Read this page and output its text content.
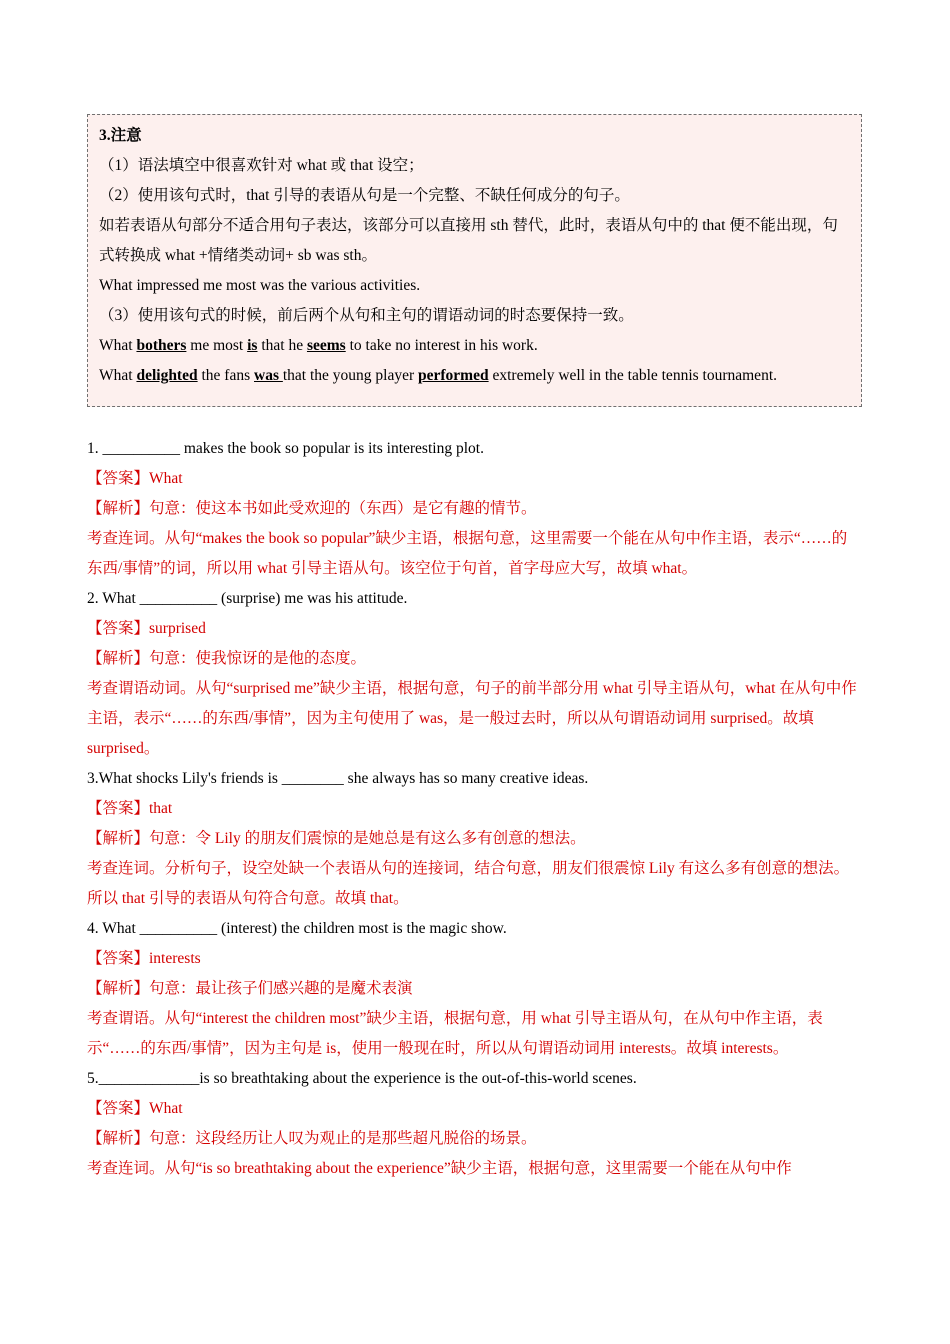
3.注意
（1）语法填空中很喜欢针对 what 或 that 设空；
（2）使用该句式时，that 引导的表语从句是一个完整、不缺任何成分的句子。
如若表语从句部分不适合用句子表达，该部分可以直接用 sth 替代，此时，表语从句中的 that 便不能出现，句式转换成 what +情绪类动词+ sb was sth。
What impressed me most was the various activities.
（3）使用该句式的时候，前后两个从句和主句的谓语动词的时态要保持一致。
What bothers me most is that he seems to take no interest in his work.
What delighted the fans was that the young player performed extremely well in the table tennis tournament.
1. __________ makes the book so popular is its interesting plot.
【答案】What
【解析】句意：使这本书如此受欢迎的（东西）是它有趣的情节。
考查连词。从句“makes the book so popular”缺少主语，根据句意，这里需要一个能在从句中作主语，表示“……的东西/事情”的词，所以用 what 引导主语从句。该空位于句首，首字母应大写，故填 what。
2. What __________ (surprise) me was his attitude.
【答案】surprised
【解析】句意：使我惊讶的是他的态度。
考查谓语动词。从句“surprised me”缺少主语，根据句意，句子的前半部分用 what 引导主语从句，what 在从句中作主语，表示“……的东西/事情”，因为主句使用了 was，是一般过去时，所以从句谓语动词用 surprised。故填 surprised。
3.What shocks Lily's friends is ________ she always has so many creative ideas.
【答案】that
【解析】句意：令 Lily 的朋友们震惊的是她总是有这么多有创意的想法。
考查连词。分析句子，设空处缺一个表语从句的连接词，结合句意，朋友们很震惊 Lily 有这么多有创意的想法。所以 that 引导的表语从句符合句意。故填 that。
4. What __________ (interest) the children most is the magic show.
【答案】interests
【解析】句意：最让孩子们感兴趣的是魔术表演
考查谓语。从句“interest the children most”缺少主语，根据句意，用 what 引导主语从句，在从句中作主语，表示“……的东西/事情”，因为主句是 is，使用一般现在时，所以从句谓语动词用 interests。故填 interests。
5._____________is so breathtaking about the experience is the out-of-this-world scenes.
【答案】What
【解析】句意：这段经历让人叹为观止的是那些超凡脱俗的场景。
考查连词。从句“is so breathtaking about the experience”缺少主语，根据句意，这里需要一个能在从句中作
